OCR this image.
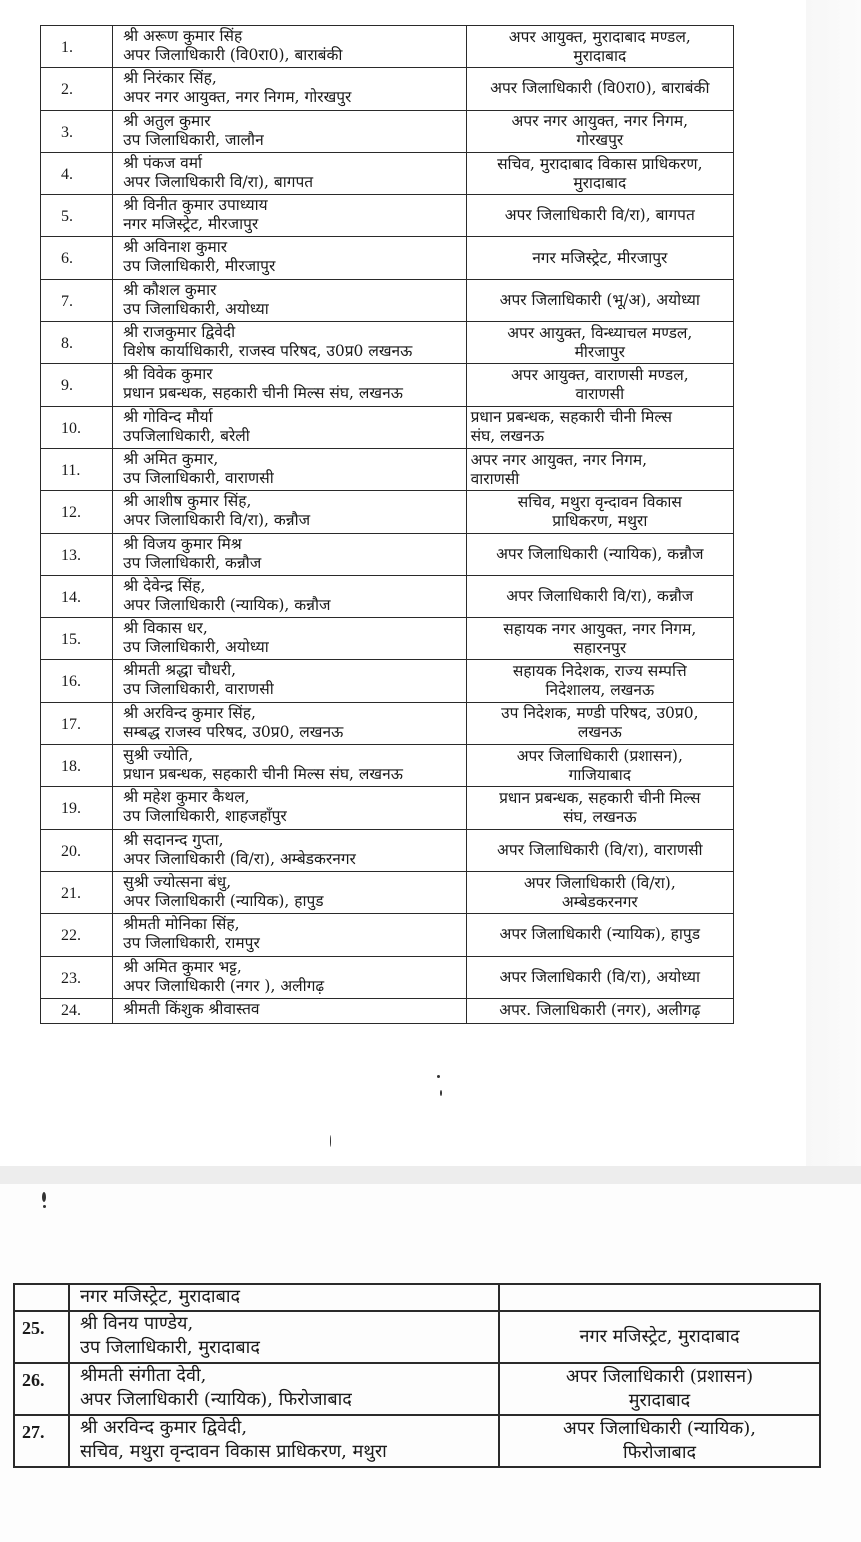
1.	श्री अरूण कुमार सिंह
अपर जिलाधिकारी (वि0रा0), बाराबंकी	अपर आयुक्त, मुरादाबाद मण्डल,
मुरादाबाद

2.	श्री निरंकार सिंह,
अपर नगर आयुक्त, नगर निगम, गोरखपुर	अपर जिलाधिकारी (वि0रा0), बाराबंकी

3.	श्री अतुल कुमार
उप जिलाधिकारी, जालौन	अपर नगर आयुक्त, नगर निगम,
गोरखपुर

4.	श्री पंकज वर्मा
अपर जिलाधिकारी वि/रा), बागपत	सचिव, मुरादाबाद विकास प्राधिकरण,
मुरादाबाद

5.	श्री विनीत कुमार उपाध्याय
नगर मजिस्ट्रेट, मीरजापुर	अपर जिलाधिकारी वि/रा), बागपत

6.	श्री अविनाश कुमार
उप जिलाधिकारी, मीरजापुर	नगर मजिस्ट्रेट, मीरजापुर

7.	श्री कौशल कुमार
उप जिलाधिकारी, अयोध्या	अपर जिलाधिकारी (भू/अ), अयोध्या

8.	श्री राजकुमार द्विवेदी
विशेष कार्याधिकारी, राजस्व परिषद, उ0प्र0 लखनऊ	अपर आयुक्त, विन्ध्याचल मण्डल,
मीरजापुर

9.	श्री विवेक कुमार
प्रधान प्रबन्धक, सहकारी चीनी मिल्स संघ, लखनऊ	अपर आयुक्त, वाराणसी मण्डल,
वाराणसी

10.	श्री गोविन्द मौर्या
उपजिलाधिकारी, बरेली	प्रधान प्रबन्धक, सहकारी चीनी मिल्स
संघ, लखनऊ

11.	श्री अमित कुमार,
उप जिलाधिकारी, वाराणसी	अपर नगर आयुक्त, नगर निगम,
वाराणसी

12.	श्री आशीष कुमार सिंह,
अपर जिलाधिकारी वि/रा), कन्नौज	सचिव, मथुरा वृन्दावन विकास
प्राधिकरण, मथुरा

13.	श्री विजय कुमार मिश्र
उप जिलाधिकारी, कन्नौज	अपर जिलाधिकारी (न्यायिक), कन्नौज

14.	श्री देवेन्द्र सिंह,
अपर जिलाधिकारी (न्यायिक), कन्नौज	अपर जिलाधिकारी वि/रा), कन्नौज

15.	श्री विकास धर,
उप जिलाधिकारी, अयोध्या	सहायक नगर आयुक्त, नगर निगम,
सहारनपुर

16.	श्रीमती श्रद्धा चौधरी,
उप जिलाधिकारी, वाराणसी	सहायक निदेशक, राज्य सम्पत्ति
निदेशालय, लखनऊ

17.	श्री अरविन्द कुमार सिंह,
सम्बद्ध राजस्व परिषद, उ0प्र0, लखनऊ	उप निदेशक, मण्डी परिषद, उ0प्र0,
लखनऊ

18.	सुश्री ज्योति,
प्रधान प्रबन्धक, सहकारी चीनी मिल्स संघ, लखनऊ	अपर जिलाधिकारी (प्रशासन),
गाजियाबाद

19.	श्री महेश कुमार कैथल,
उप जिलाधिकारी, शाहजहाँपुर	प्रधान प्रबन्धक, सहकारी चीनी मिल्स
संघ, लखनऊ

20.	श्री सदानन्द गुप्ता,
अपर जिलाधिकारी (वि/रा), अम्बेडकरनगर	अपर जिलाधिकारी (वि/रा), वाराणसी

21.	सुश्री ज्योत्सना बंधु,
अपर जिलाधिकारी (न्यायिक), हापुड	अपर जिलाधिकारी (वि/रा),
अम्बेडकरनगर

22.	श्रीमती मोनिका सिंह,
उप जिलाधिकारी, रामपुर	अपर जिलाधिकारी (न्यायिक), हापुड

23.	श्री अमित कुमार भट्ट,
अपर जिलाधिकारी (नगर ), अलीगढ़	अपर जिलाधिकारी (वि/रा), अयोध्या

24.	श्रीमती किंशुक श्रीवास्तव	अपर. जिलाधिकारी (नगर), अलीगढ़

	नगर मजिस्ट्रेट, मुरादाबाद	

25.	श्री विनय पाण्डेय,
उप जिलाधिकारी, मुरादाबाद	नगर मजिस्ट्रेट, मुरादाबाद

26.	श्रीमती संगीता देवी,
अपर जिलाधिकारी (न्यायिक), फिरोजाबाद	अपर जिलाधिकारी (प्रशासन)
मुरादाबाद

27.	श्री अरविन्द कुमार द्विवेदी,
सचिव, मथुरा वृन्दावन विकास प्राधिकरण, मथुरा	अपर जिलाधिकारी (न्यायिक),
फिरोजाबाद
